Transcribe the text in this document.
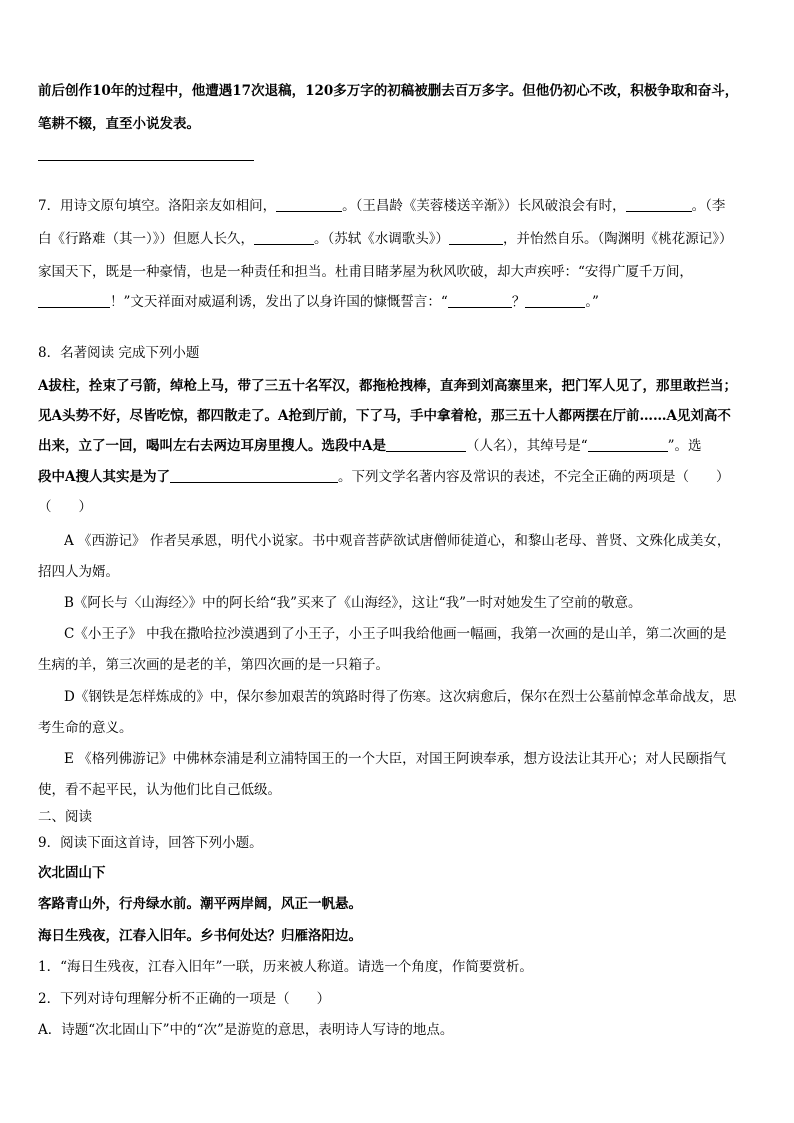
前后创作10年的过程中，他遭遇17次退稿，120多万字的初稿被删去百万多字。但他仍初心不改，积极争取和奋斗，
笔耕不辍，直至小说发表。
7．用诗文原句填空。洛阳亲友如相问，	。（王昌龄《芙蓉楼送辛渐》）长风破浪会有时，	。（李
白《行路难（其一）》）但愿人长久，	。（苏轼《水调歌头》）	，并怡然自乐。（陶渊明《桃花源记》）
家国天下，既是一种豪情，也是一种责任和担当。杜甫目睹茅屋为秋风吹破，却大声疾呼：“安得广厦千万间，
！”文天祥面对威逼利诱，发出了以身许国的慷慨誓言：“	？	。”
8．名著阅读 完成下列小题
A拔柱，拴束了弓箭，绰枪上马，带了三五十名军汉，都拖枪拽棒，直奔到刘高寨里来，把门军人见了，那里敢拦当；
见A头势不好，尽皆吃惊，都四散走了。A抢到厅前，下了马，手中拿着枪，那三五十人都两摆在厅前……A见刘高不
出来，立了一回，喝叫左右去两边耳房里搜人。选段中A是	（人名），其绰号是“	”。选
段中A搜人其实是为了	。下列文学名著内容及常识的表述，不完全正确的两项是（　　）
（　　）
A 《西游记》 作者吴承恩，明代小说家。书中观音菩萨欲试唐僧师徒道心，和黎山老母、普贤、文殊化成美女，
招四人为婿。
B《阿长与〈山海经〉》中的阿长给“我”买来了《山海经》，这让“我”一时对她发生了空前的敬意。
C《小王子》 中我在撒哈拉沙漠遇到了小王子，小王子叫我给他画一幅画，我第一次画的是山羊，第二次画的是
生病的羊，第三次画的是老的羊，第四次画的是一只箱子。
D《钢铁是怎样炼成的》中，保尔参加艰苦的筑路时得了伤寒。这次病愈后，保尔在烈士公墓前悼念革命战友，思
考生命的意义。
E 《格列佛游记》中佛林奈浦是利立浦特国王的一个大臣，对国王阿谀奉承，想方设法让其开心；对人民颐指气
使，看不起平民，认为他们比自己低级。
二、阅读
9．阅读下面这首诗，回答下列小题。
次北固山下
客路青山外，行舟绿水前。潮平两岸阔，风正一帆悬。
海日生残夜，江春入旧年。乡书何处达？归雁洛阳边。
1．“海日生残夜，江春入旧年”一联，历来被人称道。请选一个角度，作简要赏析。
2．下列对诗句理解分析不正确的一项是（　　）
A．诗题“次北固山下”中的“次”是游览的意思，表明诗人写诗的地点。
